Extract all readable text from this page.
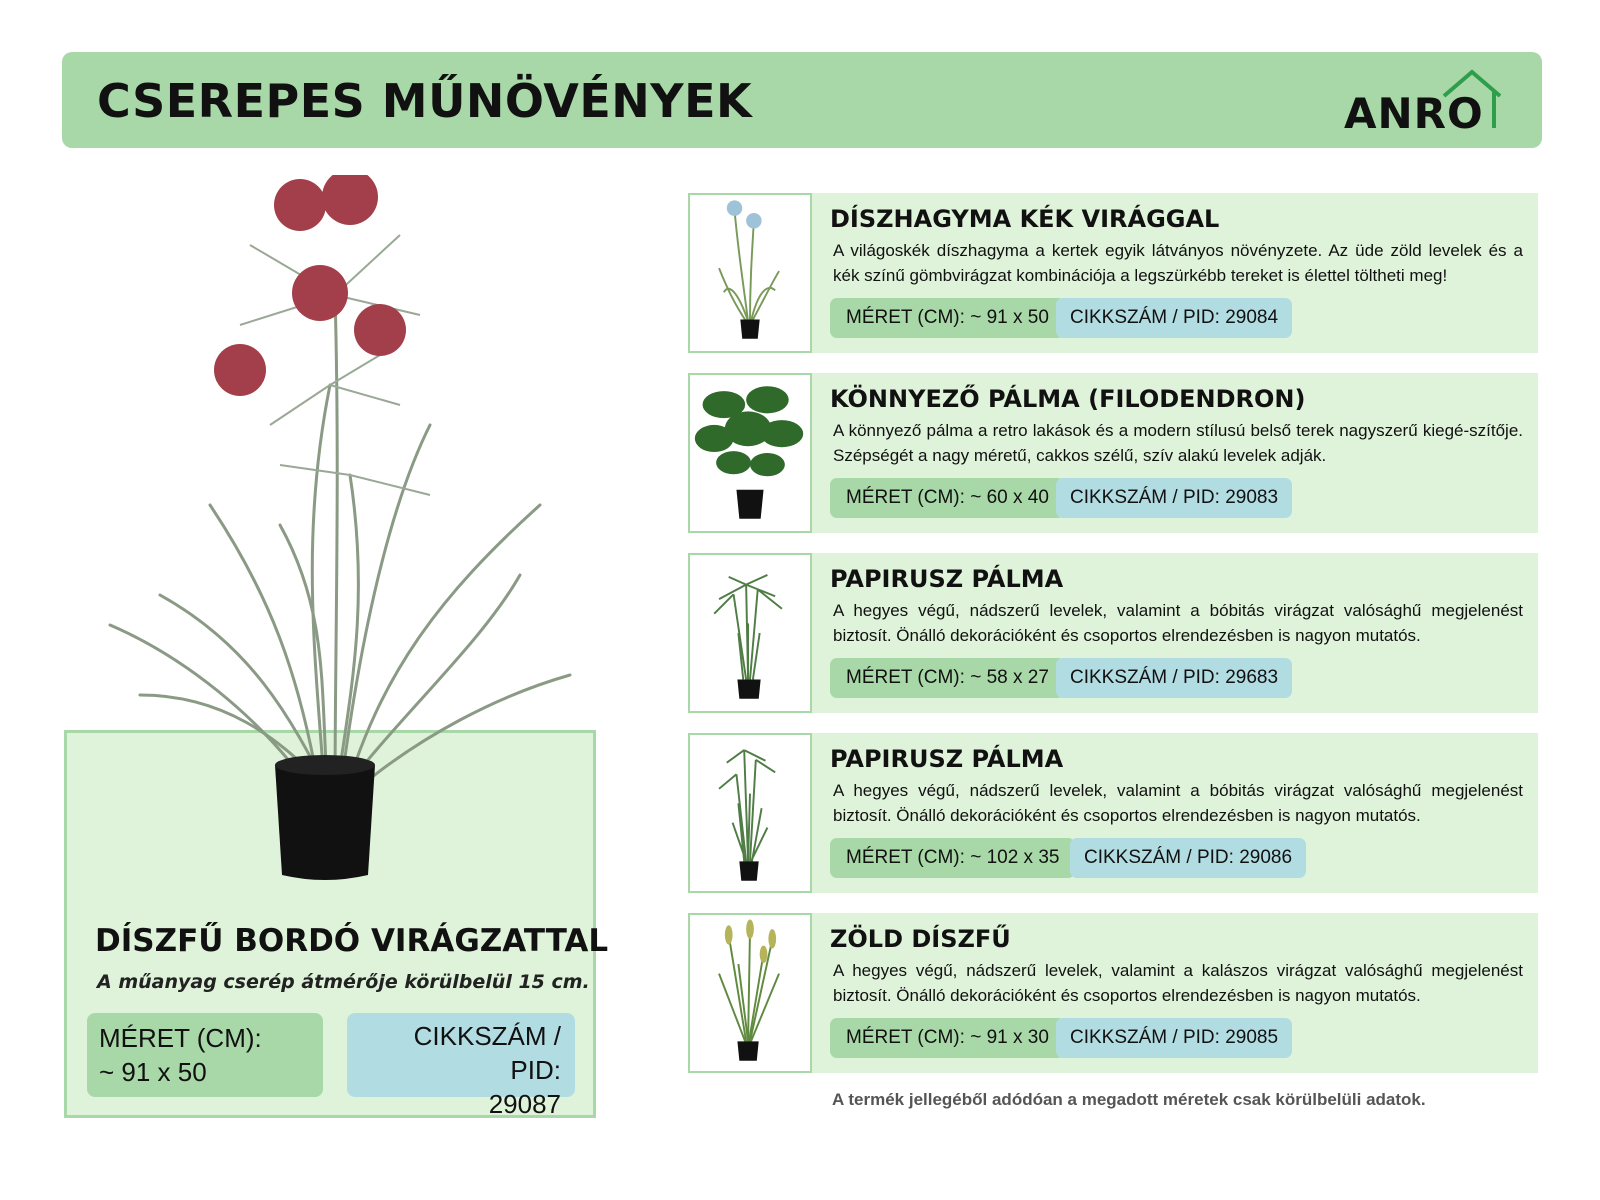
CSEREPES MŰNÖVÉNYEK	ANRO
DÍSZFŰ BORDÓ VIRÁGZATTAL
A műanyag cserép átmérője körülbelül 15 cm.
MÉRET (CM):
~ 91 x 50
CIKKSZÁM / PID:
29087
DÍSZHAGYMA KÉK VIRÁGGAL
A világoskék díszhagyma a kertek egyik látványos növényzete. Az üde zöld levelek és a kék színű gömbvirágzat kombinációja a legszürkébb tereket is élettel töltheti meg!
MÉRET (CM): ~ 91 x 50	CIKKSZÁM / PID: 29084
KÖNNYEZŐ PÁLMA (FILODENDRON)
A könnyező pálma a retro lakások és a modern stílusú belső terek nagyszerű kiegé-szítője. Szépségét a nagy méretű, cakkos szélű, szív alakú levelek adják.
MÉRET (CM): ~ 60 x 40	CIKKSZÁM / PID: 29083
PAPIRUSZ PÁLMA
A hegyes végű, nádszerű levelek, valamint a bóbitás virágzat valósághű megjelenést biztosít. Önálló dekorációként és csoportos elrendezésben is nagyon mutatós.
MÉRET (CM): ~ 58 x 27	CIKKSZÁM / PID: 29683
PAPIRUSZ PÁLMA
A hegyes végű, nádszerű levelek, valamint a bóbitás virágzat valósághű megjelenést biztosít. Önálló dekorációként és csoportos elrendezésben is nagyon mutatós.
MÉRET (CM): ~ 102 x 35	CIKKSZÁM / PID: 29086
ZÖLD DÍSZFŰ
A hegyes végű, nádszerű levelek, valamint a kalászos virágzat valósághű megjelenést biztosít. Önálló dekorációként és csoportos elrendezésben is nagyon mutatós.
MÉRET (CM): ~ 91 x 30	CIKKSZÁM / PID: 29085
A termék jellegéből adódóan a megadott méretek csak körülbelüli adatok.
